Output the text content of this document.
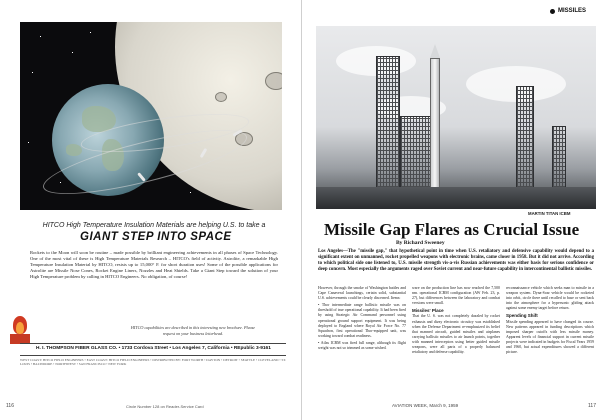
HITCO High Temperature Insulation Materials are helping U.S. to take a
GIANT STEP INTO SPACE
Rockets to the Moon will soon be routine – made possible by brilliant engineering achievements in all phases of Space Technology. One of the most vital of these is High Temperature Materials Research – HITCO's field of activity. Astrolite, a remarkable High Temperature Insulation Material by HITCO, resists up to 15,000° F. for short duration uses! Some of the possible applications for Astrolite are Missile Nose Cones, Rocket Engine Liners, Nozzles and Heat Shields. Take a Giant Step toward the solution of your High Temperature problem by calling in HITCO Engineers. No obligation, of course!
HITCO capabilities are described in this interesting new brochure. Please request on your business letterhead.
H. I. THOMPSON FIBER GLASS CO. • 1733 Cordova Street • Los Angeles 7, California • REpublic 3-9161
WEST COAST: HITCO FIELD ENGINEERS • EAST COAST: HITCO FIELD ENGINEERS • DISTRIBUTED BY: FORT WORTH • DAYTON • DETROIT • SEATTLE • CLEVELAND • ST. LOUIS • BALTIMORE • NORTHWEST • SAN FRANCISCO • NEW YORK
116	Circle Number 128 on Reader-Service Card
MISSILES
MARTIN TITAN ICBM
Missile Gap Flares as Crucial Issue
By Richard Sweeney
Los Angeles—The "missile gap," that hypothetical point in time when U.S. retaliatory and defensive capability would depend to a significant extent on unmanned, rocket propelled weapons with electronic brains, came closer in 1958. But it did not arrive. According to which political side one listened to, U.S. missile strength vis-a-vis Russian achievements was either basis for serious confidence or deep concern. Most especially the arguments raged over Soviet current and near-future capability in intercontinental ballistic missiles.

However, through the smoke of Washington battles and Cape Canaveral launchings, certain solid, substantial U.S. achievements could be clearly discerned. Items:

• Thor intermediate range ballistic missile was on threshold of true operational capability. It had been fired by using Strategic Air Command personnel using operational ground support equipment. It was being deployed to England where Royal Air Force No. 77 Squadron, first operational Thor-equipped unit, was working toward combat readiness.

• Atlas ICBM was fired full range, although its flight weight was not so trimmed as some wished.

ware on the production line has now reached the 7,500 nm. operational ICBM configuration (AW Feb. 23, p. 27), but differences between the laboratory and combat versions were small.

Missiles' Place

That the U. S. was not completely dazzled by rocket exhausts and dizzy electronic circuitry was established when the Defense Department re-emphasized its belief that manned aircraft, guided missiles and airplanes carrying ballistic missiles to air launch points, together with manned interceptors using better guided missile weapons, were all parts of a properly balanced retaliatory and defense capability.

reconnaissance vehicle which seeks man to missile in a weapon system. Dyna-Soar vehicle would be rocketed into orbit, circle there until recalled to base or sent back into the atmosphere for a hypersonic gliding attack against some enemy target before return.

Spending Shift

Missile spending appeared to have changed its course. New patterns appeared in funding descriptions which imposed sharper cutoffs with less missile money. Apparent levels of financial support in current missile projects were indicated in budgets for Fiscal Years 1959 and 1960, but actual expenditures showed a different picture.

AVIATION WEEK, March 9, 1959	117
